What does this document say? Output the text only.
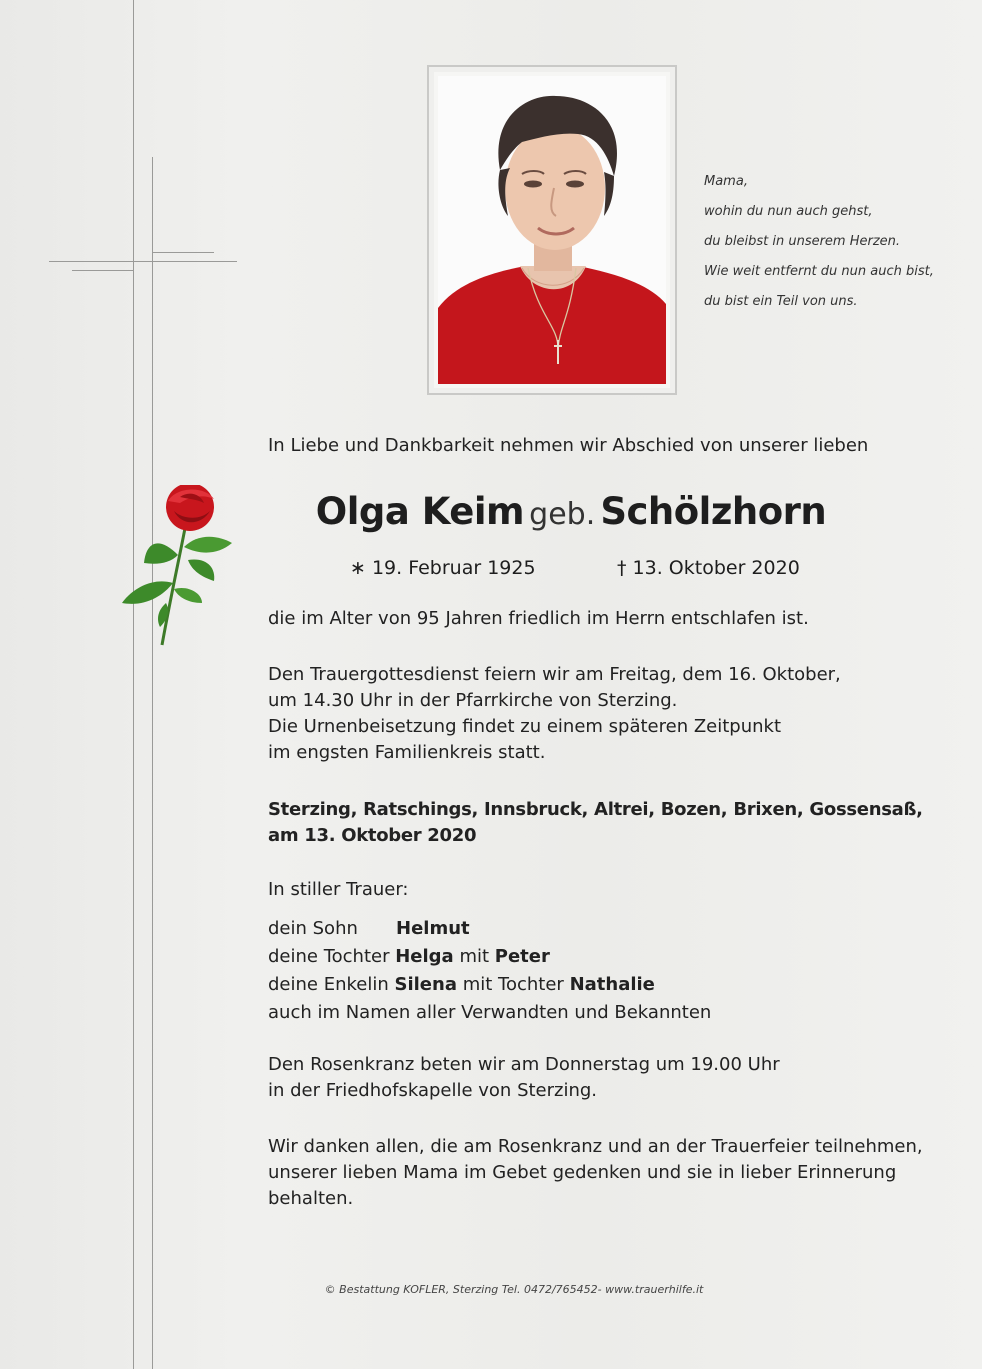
Mama,
wohin du nun auch gehst,
du bleibst in unserem Herzen.
Wie weit entfernt du nun auch bist,
du bist ein Teil von uns.
In Liebe und Dankbarkeit nehmen wir Abschied von unserer lieben
Olga Keim geb. Schölzhorn
∗ 19. Februar 1925	† 13. Oktober 2020
die im Alter von 95 Jahren friedlich im Herrn entschlafen ist.
Den Trauergottesdienst feiern wir am Freitag, dem 16. Oktober,
um 14.30 Uhr in der Pfarrkirche von Sterzing.
Die Urnenbeisetzung findet zu einem späteren Zeitpunkt
im engsten Familienkreis statt.
Sterzing, Ratschings, Innsbruck, Altrei, Bozen, Brixen, Gossensaß,
am 13. Oktober 2020
In stiller Trauer:
dein Sohn Helmut
deine Tochter Helga mit Peter
deine Enkelin Silena mit Tochter Nathalie
auch im Namen aller Verwandten und Bekannten
Den Rosenkranz beten wir am Donnerstag um 19.00 Uhr
in der Friedhofskapelle von Sterzing.
Wir danken allen, die am Rosenkranz und an der Trauerfeier teilnehmen,
unserer lieben Mama im Gebet gedenken und sie in lieber Erinnerung
behalten.
© Bestattung KOFLER, Sterzing Tel. 0472/765452- www.trauerhilfe.it
